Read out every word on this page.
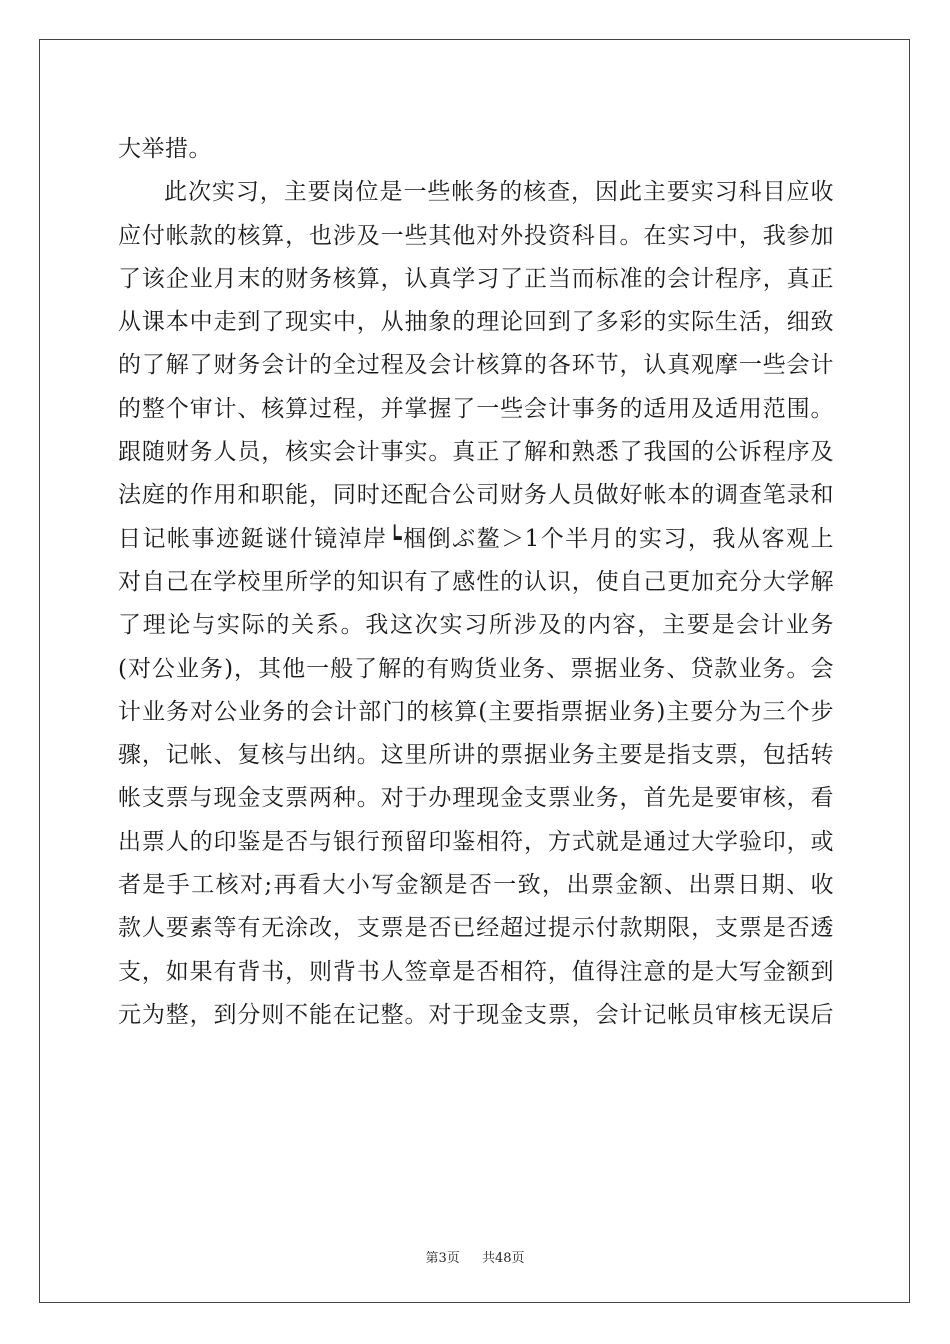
大举措。
此次实习，主要岗位是一些帐务的核查，因此主要实习科目应收
应付帐款的核算，也涉及一些其他对外投资科目。在实习中，我参加
了该企业月末的财务核算，认真学习了正当而标准的会计程序，真正
从课本中走到了现实中，从抽象的理论回到了多彩的实际生活，细致
的了解了财务会计的全过程及会计核算的各环节，认真观摩一些会计
的整个审计、核算过程，并掌握了一些会计事务的适用及适用范围。
跟随财务人员，核实会计事实。真正了解和熟悉了我国的公诉程序及
法庭的作用和职能，同时还配合公司财务人员做好帐本的调查笔录和
日记帐事迹鋌谜什镜淖岸┕椢倒ぶ鳌＞1个半月的实习，我从客观上
对自己在学校里所学的知识有了感性的认识，使自己更加充分大学解
了理论与实际的关系。我这次实习所涉及的内容，主要是会计业务
(对公业务)，其他一般了解的有购货业务、票据业务、贷款业务。会
计业务对公业务的会计部门的核算(主要指票据业务)主要分为三个步
骤，记帐、复核与出纳。这里所讲的票据业务主要是指支票，包括转
帐支票与现金支票两种。对于办理现金支票业务，首先是要审核，看
出票人的印鉴是否与银行预留印鉴相符，方式就是通过大学验印，或
者是手工核对;再看大小写金额是否一致，出票金额、出票日期、收
款人要素等有无涂改，支票是否已经超过提示付款期限，支票是否透
支，如果有背书，则背书人签章是否相符，值得注意的是大写金额到
元为整，到分则不能在记整。对于现金支票，会计记帐员审核无误后
第3页 共48页
